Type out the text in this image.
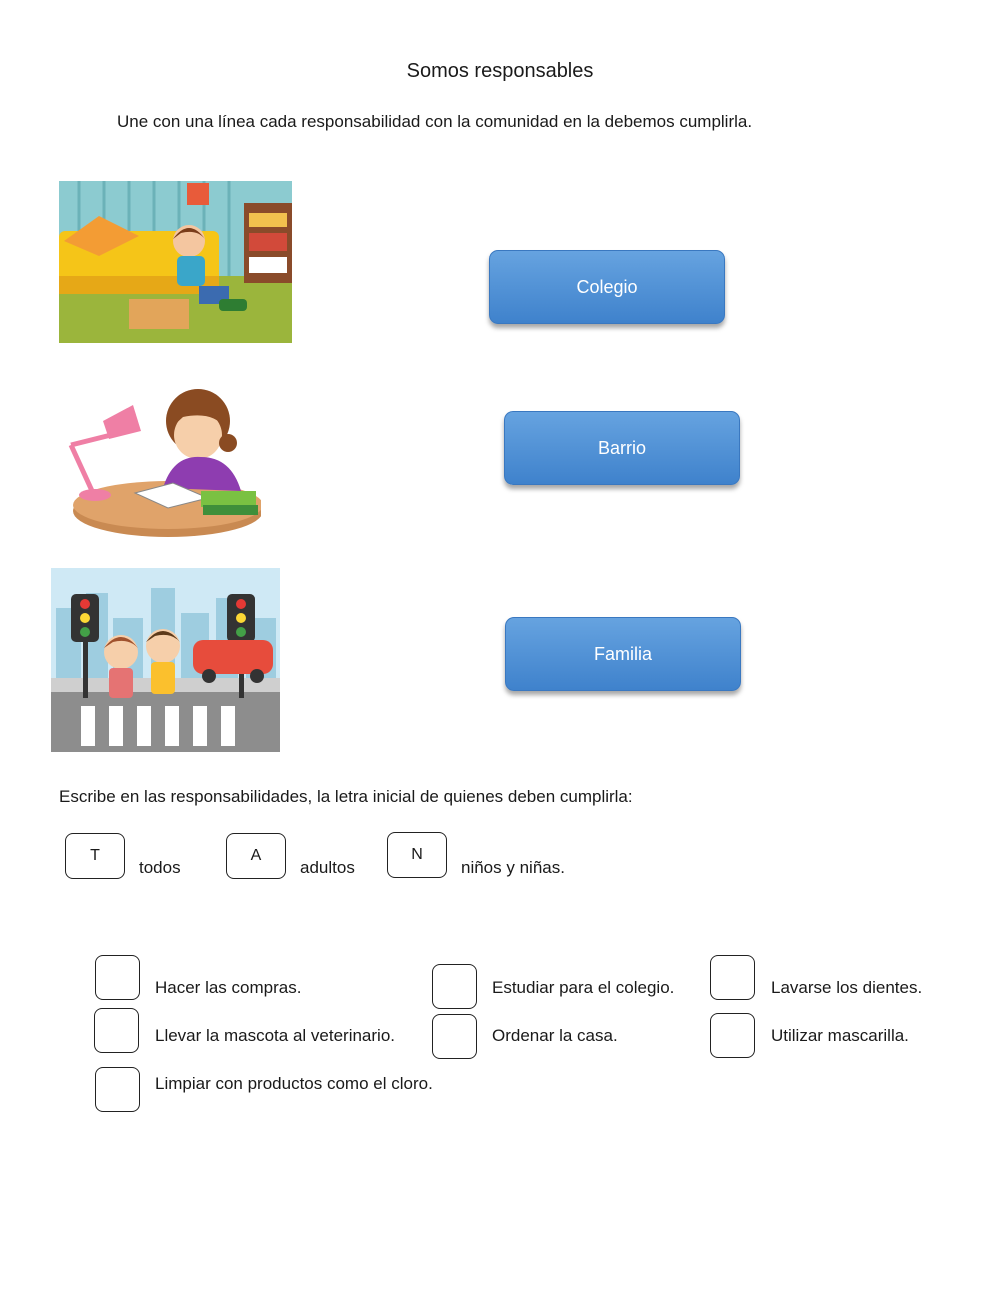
Somos responsables
Une con una línea cada responsabilidad con la comunidad en la debemos cumplirla.
Colegio
Barrio
Familia
Escribe en las responsabilidades, la letra inicial de quienes deben cumplirla:
T
todos
A
adultos
N
niños y niñas.
Hacer las compras.	Estudiar para el colegio.	Lavarse los dientes.
Llevar la mascota al veterinario.	Ordenar la casa.	Utilizar mascarilla.
Limpiar con productos como el cloro.
